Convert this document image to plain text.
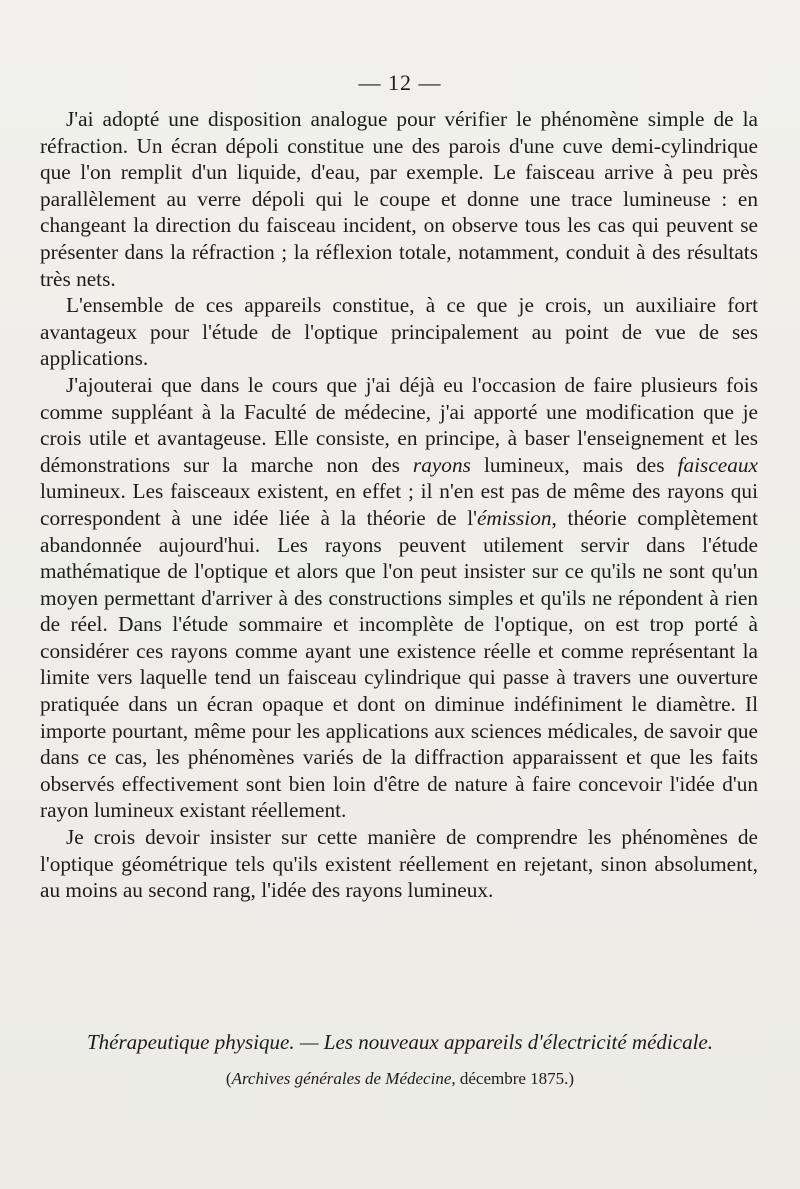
— 12 —

J'ai adopté une disposition analogue pour vérifier le phénomène simple de la réfraction. Un écran dépoli constitue une des parois d'une cuve demi-cylindrique que l'on remplit d'un liquide, d'eau, par exemple. Le faisceau arrive à peu près parallèlement au verre dépoli qui le coupe et donne une trace lumineuse : en changeant la direction du faisceau incident, on observe tous les cas qui peuvent se présenter dans la réfraction ; la réflexion totale, notamment, conduit à des résultats très nets.

L'ensemble de ces appareils constitue, à ce que je crois, un auxiliaire fort avantageux pour l'étude de l'optique principalement au point de vue de ses applications.

J'ajouterai que dans le cours que j'ai déjà eu l'occasion de faire plusieurs fois comme suppléant à la Faculté de médecine, j'ai apporté une modification que je crois utile et avantageuse. Elle consiste, en principe, à baser l'enseignement et les démonstrations sur la marche non des rayons lumineux, mais des faisceaux lumineux. Les faisceaux existent, en effet ; il n'en est pas de même des rayons qui correspondent à une idée liée à la théorie de l'émission, théorie complètement abandonnée aujourd'hui. Les rayons peuvent utilement servir dans l'étude mathématique de l'optique et alors que l'on peut insister sur ce qu'ils ne sont qu'un moyen permettant d'arriver à des constructions simples et qu'ils ne répondent à rien de réel. Dans l'étude sommaire et incomplète de l'optique, on est trop porté à considérer ces rayons comme ayant une existence réelle et comme représentant la limite vers laquelle tend un faisceau cylindrique qui passe à travers une ouverture pratiquée dans un écran opaque et dont on diminue indéfiniment le diamètre. Il importe pourtant, même pour les applications aux sciences médicales, de savoir que dans ce cas, les phénomènes variés de la diffraction apparaissent et que les faits observés effectivement sont bien loin d'être de nature à faire concevoir l'idée d'un rayon lumineux existant réellement.

Je crois devoir insister sur cette manière de comprendre les phénomènes de l'optique géométrique tels qu'ils existent réellement en rejetant, sinon absolument, au moins au second rang, l'idée des rayons lumineux.

Thérapeutique physique. — Les nouveaux appareils d'électricité médicale.
(Archives générales de Médecine, décembre 1875.)
